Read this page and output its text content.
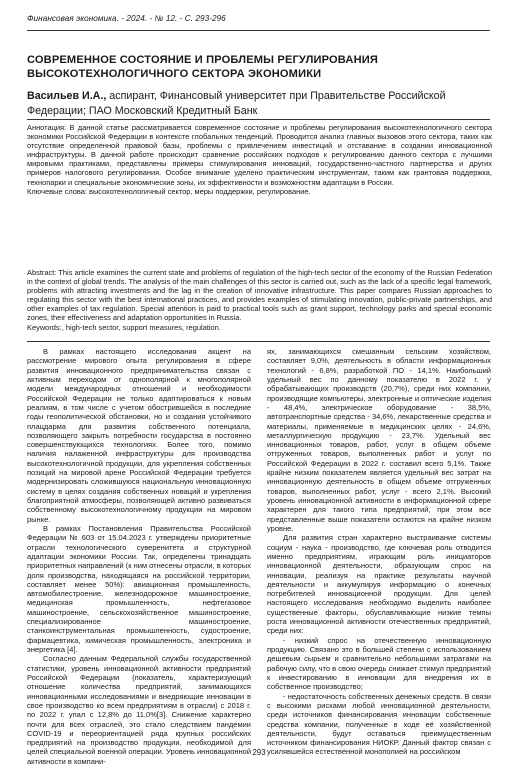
Финансовая экономика. - 2024. - № 12. - C. 293-296
СОВРЕМЕННОЕ СОСТОЯНИЕ И ПРОБЛЕМЫ РЕГУЛИРОВАНИЯ
ВЫСОКОТЕХНОЛОГИЧНОГО СЕКТОРА ЭКОНОМИКИ
Васильев И.А., аспирант, Финансовый университет при Правительстве Российской Федерации; ПАО Московский Кредитный Банк
Аннотация: В данной статье рассматривается современное состояние и проблемы регулирования высокотехнологичного сектора экономики Российской Федерации в контексте глобальных тенденций. Проводится анализ главных вызовов этого сектора, таких как отсутствие определенной правовой базы, проблемы с привлечением инвестиций и отставание в создании инновационной инфраструктуры. В данной работе происходит сравнение российских подходов к регулированию данного сектора с лучшими мировыми практиками, представлены примеры стимулирования инноваций, государственно-частного партнерства и других примеров налогового регулирования. Особое внимание уделено практическим инструментам, таким как грантовая поддержка, технопарки и специальные экономические зоны, их эффективности и возможностям адаптации в России.
Ключевые слова: высокотехнологичный сектор, меры поддержки, регулирование.
Abstract: This article examines the current state and problems of regulation of the high-tech sector of the economy of the Russian Federation in the context of global trends. The analysis of the main challenges of this sector is carried out, such as the lack of a specific legal framework, problems with attracting investments and the lag in the creation of innovative infrastructure. This paper compares Russian approaches to regulating this sector with the best international practices, and provides examples of stimulating innovation, public-private partnerships, and other examples of tax regulation. Special attention is paid to practical tools such as grant support, technology parks and special economic zones, their effectiveness and adaptation opportunities in Russia.
Keywords:, high-tech sector, support measures, regulation.

В рамках настоящего исследования акцент на рассмотрение мирового опыта регулирования в сфере развития инновационного предпринимательства связан с активным переходом от однополярной к многополярной модели международных отношений и необходимости Российской Федерации не только адаптироваться к новым реалиям, в том числе с учетом обострившейся в последние годы геополитической обстановки, но и создания устойчивого плацдарма для развития собственного потенциала, позволяющего закрыть потребности государства в постоянно совершенствующихся технологиях. Более того, помимо наличия налаженной инфраструктуры для производства высокотехнологичной продукции, для укрепления собственных позиций на мировой арене Российской Федерации требуется модернизировать сложившуюся национальную инновационную систему в целях создания собственных новаций и укрепления благоприятной атмосферы, позволяющей активно развиваться собственному высокотехнологичному продукции на мировом рынке.

В рамках Постановления Правительства Российской Федерации № 603 от 15.04.2023 г. утверждены приоритетные отрасли технологического суверенитета и структурной адаптации экономики России. Так, определены тринадцать приоритетных направлений (к ним отнесены отрасли, в которых доля производства, находящаяся на российской территории, составляет менее 50%): авиационная промышленность, автомобилестроение, железнодорожное машиностроение, медицинская промышленность, нефтегазовое машиностроение, сельскохозяйственное машиностроение, специализированное машиностроение, станкоинструментальная промышленность, судостроение, фармацевтика, химическая промышленность, электроника и энергетика [4].

Согласно данным Федеральной службы государственной статистики, уровень инновационной активности предприятий Российской Федерации (показатель, характеризующий отношение количества предприятий, занимающихся инновационными исследованиями и внедряющие инновации в свое производство ко всем предприятиям в отрасли) с 2018 г. по 2022 г. упал с 12,8% до 11,0%[3]. Снижение характерно почти для всех отраслей, это стало следствием пандемии COVID-19 и переориентацией ряда крупных российских предприятий на производство продукции, необходимой для целей специальной военной операции. Уровень инновационной активности в компани-

ях, занимающихся смешанным сельским хозяйством, составляет 9,0%, деятельность в области информационных технологий - 6,8%, разработкой ПО - 14,1%. Наибольший удельный вес по данному показателю в 2022 г. у обрабатывающих производств (20,7%), среди них компании, производящие компьютеры, электронные и оптические изделия - 48,4%, электрическое оборудование - 38,5%, автотранспортные средства - 34,6%, лекарственные средства и материалы, применяемые в медицинских целях - 24,6%, металлургическую продукцию - 23,7%. Удельный вес инновационных товаров, работ, услуг в общем объеме отгруженных товаров, выполненных работ и услуг по Российской Федерации в 2022 г. составил всего 5,1%. Также крайне низким показателем является удельный вес затрат на инновационную деятельность в общем объеме отгруженных товаров, выполненных работ, услуг - всего 2,1%. Высокий уровень инновационной активности в информационной сфере характерен для такого типа предприятий, при этом все представленные выше показатели остаются на крайне низком уровне.

Для развития стран характерно выстраивание системы социум - наука - производство, где ключевая роль отводится именно предприятиям, играющим роль инициаторов инновационной деятельности, образующим спрос на инновации, реализуя на практике результаты научной деятельности и аккумулируя информацию о конечных потребителей инновационной продукции. Для целей настоящего исследования необходимо выделить наиболее существенные факторы, обуславливающие низкие темпы роста инновационной активности отечественных предприятий, среди них:

- низкий спрос на отечественную инновационную продукцию. Связано это в большей степени с использованием дешевым сырьем и сравнительно небольшими затратами на рабочую силу, что в свою очередь снижает стимул предприятий к инвестированию в инновации для внедрения их в собственное производство;

- недостаточность собственных денежных средств. В связи с высокими рисками любой инновационной деятельности, среди источников финансирования инновации собственные средства компании, полученные в ходе её хозяйственной деятельности, будут оставаться преимущественным источником финансирования НИОКР. Данный фактор связан с усилявшейся естественной монополией на российском

293
